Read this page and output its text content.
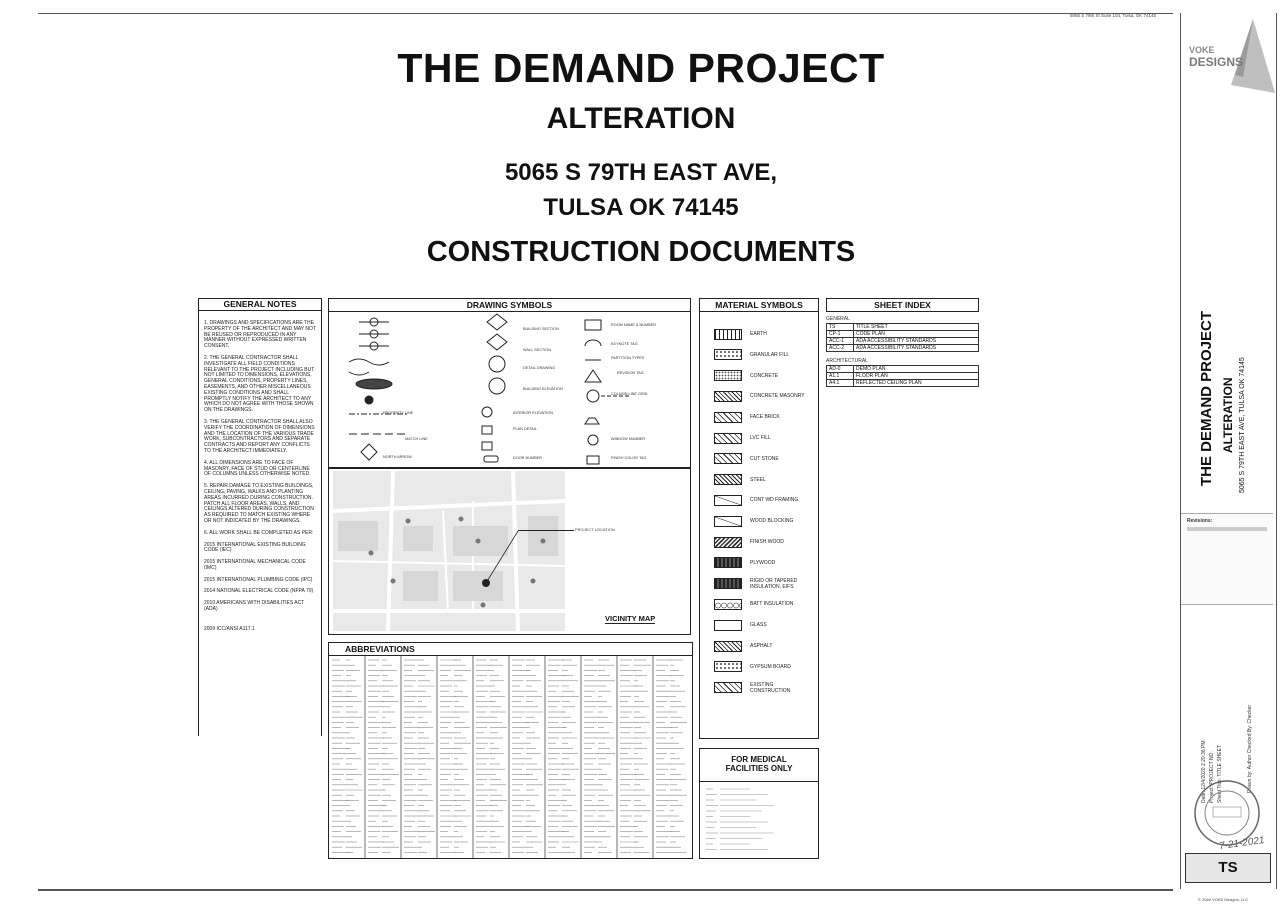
5065 S 79th St Suite 104, Tulsa, OK 74145
THE DEMAND PROJECT
ALTERATION
5065 S 79TH EAST AVE,
TULSA OK 74145
CONSTRUCTION DOCUMENTS
GENERAL NOTES

1. DRAWINGS AND SPECIFICATIONS ARE THE PROPERTY OF THE ARCHITECT AND MAY NOT BE REUSED OR REPRODUCED IN ANY MANNER WITHOUT EXPRESSED WRITTEN CONSENT.

2. THE GENERAL CONTRACTOR SHALL INVESTIGATE ALL FIELD CONDITIONS RELEVANT TO THE PROJECT INCLUDING BUT NOT LIMITED TO DIMENSIONS, ELEVATIONS, GENERAL CONDITIONS, PROPERTY LINES, EASEMENTS, AND OTHER MISCELLANEOUS EXISTING CONDITIONS AND SHALL PROMPTLY NOTIFY THE ARCHITECT TO ANY WHICH DO NOT AGREE WITH THOSE SHOWN ON THE DRAWINGS.

3. THE GENERAL CONTRACTOR SHALL ALSO VERIFY THE COORDINATION OF DIMENSIONS AND THE LOCATION OF THE VARIOUS TRADE WORK, SUBCONTRACTORS AND SEPARATE CONTRACTS AND REPORT ANY CONFLICTS TO THE ARCHITECT IMMEDIATELY.

4. ALL DIMENSIONS ARE TO FACE OF MASONRY, FACE OF STUD OR CENTERLINE OF COLUMNS UNLESS OTHERWISE NOTED.

5. REPAIR DAMAGE TO EXISTING BUILDINGS, CEILING, PAVING, WALKS AND PLANTING AREAS INCURRED DURING CONSTRUCTION. PATCH ALL FLOOR AREAS, WALLS, AND CEILINGS ALTERED DURING CONSTRUCTION AS REQUIRED TO MATCH EXISTING WHERE OR NOT INDICATED BY THE DRAWINGS.

6. ALL WORK SHALL BE COMPLETED AS PER:

2015 INTERNATIONAL EXISTING BUILDING CODE (IEC)

2015 INTERNATIONAL MECHANICAL CODE (IMC)

2015 INTERNATIONAL PLUMBING CODE (IPC)

2014 NATIONAL ELECTRICAL CODE (NFPA 70)

2010 AMERICANS WITH DISABILITIES ACT (ADA)

2009 ICC/ANSI A117.1

DRAWING SYMBOLS
BUILDING SECTION
WALL SECTION
DETAIL DRAWING
BUILDING ELEVATION
INTERIOR ELEVATION
PLAN DETAIL
REVISION TAG
DOOR NUMBER
ROOM NAME & NUMBER
KEYNOTE TAG
PARTITION TYPES
COLUMN LINE GRID
WINDOW NUMBER
FINISH COLOR TAG
PROPERTY LINE
MATCH LINE
NORTH ARROW
PROJECT LOCATION
VICINITY MAP
ABBREVIATIONS
MATERIAL SYMBOLS
EARTH
GRANULAR FILL
CONCRETE
CONCRETE MASONRY
FACE BRICK
LVC FILL
CUT STONE
STEEL
CONT WD FRAMING
WOOD BLOCKING
FINISH WOOD
PLYWOOD
RIGID OR TAPERED INSULATION, EIFS
BATT INSULATION
GLASS
ASPHALT
GYPSUM BOARD
EXISTING CONSTRUCTION
SHEET INDEX
GENERAL
TS	TITLE SHEET
CP-1	CODE PLAN
ACC-1	ADA ACCESSIBILITY STANDARDS
ACC-2	ADA ACCESSIBILITY STANDARDS
ARCHITECTURAL
AD-0	DEMO PLAN
A1.1	FLOOR PLAN
A4.1	REFLECTED CEILING PLAN
FOR MEDICAL
FACILITIES ONLY
VOKE
DESIGNS
THE DEMAND PROJECT ALTERATION 5065 S 79TH EAST AVE, TULSA OK 74145
Revisions:
Date: 12/4/2020 2:20:36 PM Project: PROJECT NO. Sheet Title: TITLE SHEET	Drawn by: Author Checked By: Checker
7-21-2021
TS
© 20## VOKE Designs, LLC
